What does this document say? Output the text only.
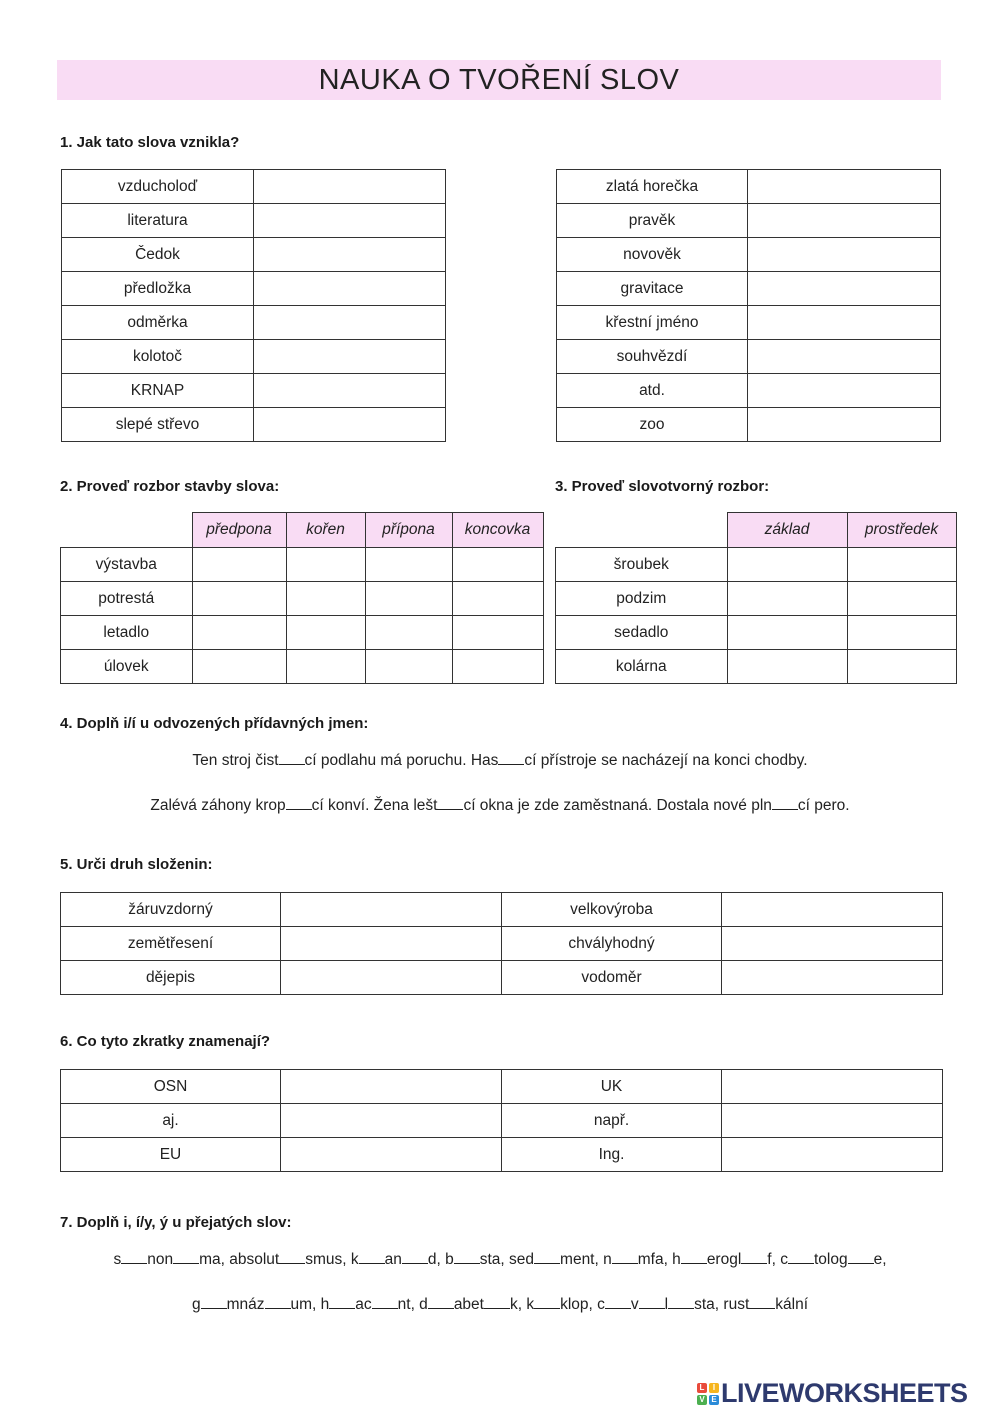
NAUKA O TVOŘENÍ SLOV
1. Jak tato slova vznikla?
vzducholoď	
literatura	
Čedok	
předložka	
odměrka	
kolotoč	
KRNAP	
slepé střevo	
zlatá horečka	
pravěk	
novověk	
gravitace	
křestní jméno	
souhvězdí	
atd.	
zoo	
2. Proveď rozbor stavby slova:
	předpona	kořen	přípona	koncovka
výstavba				
potrestá				
letadlo				
úlovek				
3. Proveď slovotvorný rozbor:
	základ	prostředek
šroubek		
podzim		
sedadlo		
kolárna		
4. Doplň i/í u odvozených přídavných jmen:
Ten stroj čist cí podlahu má poruchu. Has cí přístroje se nacházejí na konci chodby.
Zalévá záhony krop cí konví. Žena lešt cí okna je zde zaměstnaná. Dostala nové pln cí pero.
5. Urči druh složenin:
žáruvzdorný		velkovýroba	
zemětřesení		chvályhodný	
dějepis		vodoměr	
6. Co tyto zkratky znamenají?
OSN		UK	
aj.		např.	
EU		Ing.	
7. Doplň i, í/y, ý u přejatých slov:
s non ma, absolut smus, k an d, b sta, sed ment, n mfa, h erogl f, c tolog e,
g mnáz um, h ac nt, d abet k, k klop, c v l sta, rust kální
L	I
V E LIVEWORKSHEETS
